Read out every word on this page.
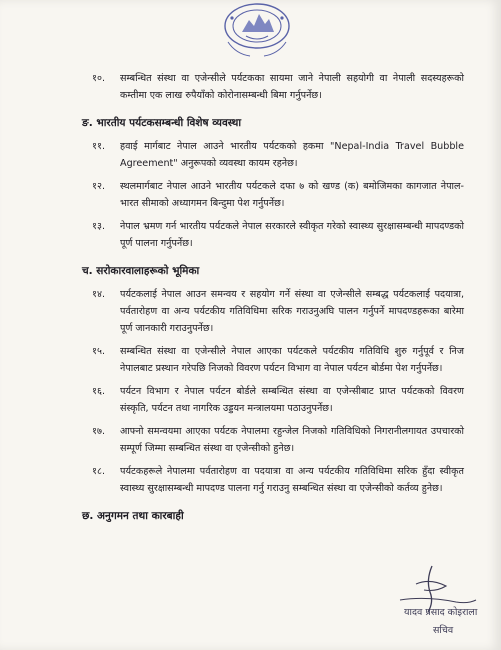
१०.	सम्बन्धित संस्था वा एजेन्सीले पर्यटकका सायमा जाने नेपाली सहयोगी वा नेपाली सदस्यहरूको कम्तीमा एक लाख रुपैयाँको कोरोनासम्बन्धी बिमा गर्नुपर्नेछ।
ङ. भारतीय पर्यटकसम्बन्धी विशेष व्यवस्था
११.	हवाई मार्गबाट नेपाल आउने भारतीय पर्यटकको हकमा "Nepal-India Travel Bubble Agreement" अनुरूपको व्यवस्था कायम रहनेछ।
१२.	स्थलमार्गबाट नेपाल आउने भारतीय पर्यटकले दफा ७ को खण्ड (क) बमोजिमका कागजात नेपाल-भारत सीमाको अध्यागमन बिन्दुमा पेश गर्नुपर्नेछ।
१३.	नेपाल भ्रमण गर्न भारतीय पर्यटकले नेपाल सरकारले स्वीकृत गरेको स्वास्थ्य सुरक्षासम्बन्धी मापदण्डको पूर्ण पालना गर्नुपर्नेछ।
च. सरोकारवालाहरूको भूमिका
१४.	पर्यटकलाई नेपाल आउन समन्वय र सहयोग गर्ने संस्था वा एजेन्सीले सम्बद्ध पर्यटकलाई पदयात्रा, पर्वतारोहण वा अन्य पर्यटकीय गतिविधिमा सरिक गराउनुअघि पालन गर्नुपर्ने मापदण्डहरूका बारेमा पूर्ण जानकारी गराउनुपर्नेछ।
१५.	सम्बन्धित संस्था वा एजेन्सीले नेपाल आएका पर्यटकले पर्यटकीय गतिविधि शुरु गर्नुपूर्व र निज नेपालबाट प्रस्थान गरेपछि निजको विवरण पर्यटन विभाग वा नेपाल पर्यटन बोर्डमा पेश गर्नुपर्नेछ।
१६.	पर्यटन विभाग र नेपाल पर्यटन बोर्डले सम्बन्धित संस्था वा एजेन्सीबाट प्राप्त पर्यटकको विवरण संस्कृति, पर्यटन तथा नागरिक उड्डयन मन्त्रालयमा पठाउनुपर्नेछ।
१७.	आफ्नो समन्वयमा आएका पर्यटक नेपालमा रहुन्जेल निजको गतिविधिको निगरानीलगायत उपचारको सम्पूर्ण जिम्मा सम्बन्धित संस्था वा एजेन्सीको हुनेछ।
१८.	पर्यटकहरूले नेपालमा पर्वतारोहण वा पदयात्रा वा अन्य पर्यटकीय गतिविधिमा सरिक हुँदा स्वीकृत स्वास्थ्य सुरक्षासम्बन्धी मापदण्ड पालना गर्नु गराउनु सम्बन्धित संस्था वा एजेन्सीको कर्तव्य हुनेछ।
छ. अनुगमन तथा कारबाही
यादव प्रसाद कोइराला
सचिव
